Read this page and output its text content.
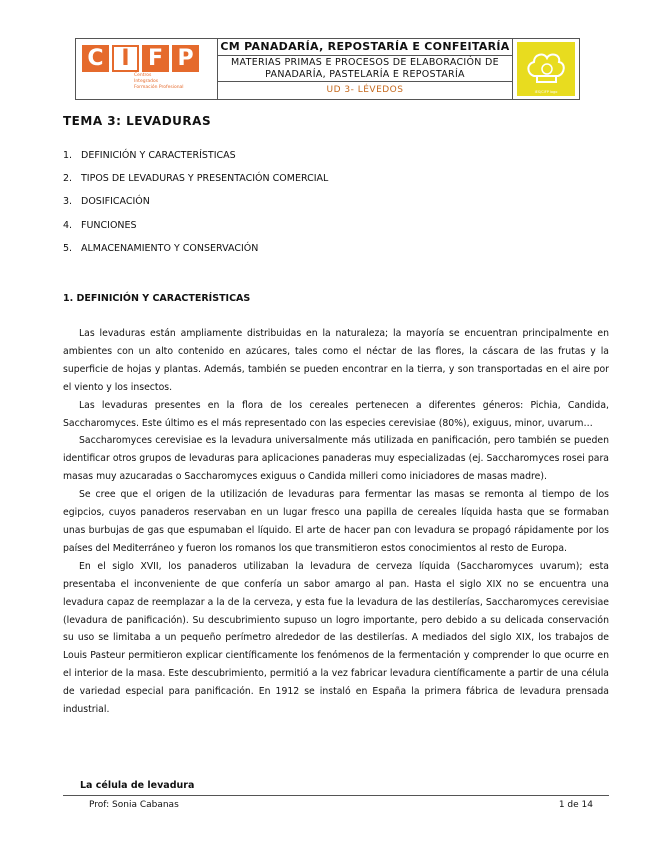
C I F P
Centros
Integrados
Formación Profesional
CM PANADARÍA, REPOSTARÍA E CONFEITARÍA
MATERIAS PRIMAS E PROCESOS DE ELABORACIÓN DE
PANADARÍA, PASTELARÍA E REPOSTARÍA
UD 3- LÉVEDOS	IES/CIFP logo
TEMA 3: LEVADURAS
1. DEFINICIÓN Y CARACTERÍSTICAS
2. TIPOS DE LEVADURAS Y PRESENTACIÓN COMERCIAL
3. DOSIFICACIÓN
4. FUNCIONES
5. ALMACENAMIENTO Y CONSERVACIÓN
1. DEFINICIÓN Y CARACTERÍSTICAS

Las levaduras están ampliamente distribuidas en la naturaleza; la mayoría se encuentran principalmente en ambientes con un alto contenido en azúcares, tales como el néctar de las flores, la cáscara de las frutas y la superficie de hojas y plantas. Además, también se pueden encontrar en la tierra, y son transportadas en el aire por el viento y los insectos.

Las levaduras presentes en la flora de los cereales pertenecen a diferentes géneros: Pichia, Candida, Saccharomyces. Este último es el más representado con las especies cerevisiae (80%), exiguus, minor, uvarum…

Saccharomyces cerevisiae es la levadura universalmente más utilizada en panificación, pero también se pueden identificar otros grupos de levaduras para aplicaciones panaderas muy especializadas (ej. Saccharomyces rosei para masas muy azucaradas o Saccharomyces exiguus o Candida milleri como iniciadores de masas madre).

Se cree que el origen de la utilización de levaduras para fermentar las masas se remonta al tiempo de los egipcios, cuyos panaderos reservaban en un lugar fresco una papilla de cereales líquida hasta que se formaban unas burbujas de gas que espumaban el líquido. El arte de hacer pan con levadura se propagó rápidamente por los países del Mediterráneo y fueron los romanos los que transmitieron estos conocimientos al resto de Europa.

En el siglo XVII, los panaderos utilizaban la levadura de cerveza líquida (Saccharomyces uvarum); esta presentaba el inconveniente de que confería un sabor amargo al pan. Hasta el siglo XIX no se encuentra una levadura capaz de reemplazar a la de la cerveza, y esta fue la levadura de las destilerías, Saccharomyces cerevisiae (levadura de panificación). Su descubrimiento supuso un logro importante, pero debido a su delicada conservación su uso se limitaba a un pequeño perímetro alrededor de las destilerías. A mediados del siglo XIX, los trabajos de Louis Pasteur permitieron explicar científicamente los fenómenos de la fermentación y comprender lo que ocurre en el interior de la masa. Este descubrimiento, permitió a la vez fabricar levadura científicamente a partir de una célula de variedad especial para panificación. En 1912 se instaló en España la primera fábrica de levadura prensada industrial.

La célula de levadura
Prof: Sonia Cabanas	1 de 14
